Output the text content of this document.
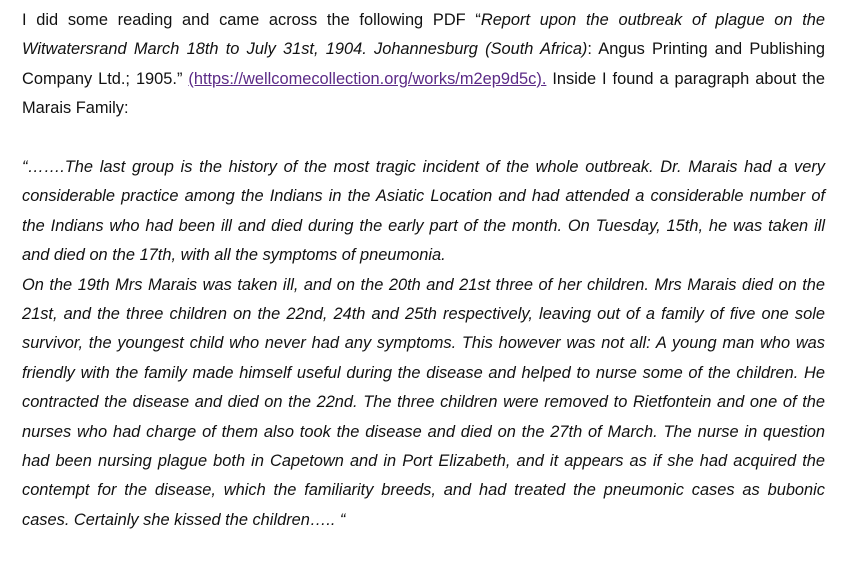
I did some reading and came across the following PDF “Report upon the outbreak of plague on the Witwatersrand March 18th to July 31st, 1904. Johannesburg (South Africa): Angus Printing and Publishing Company Ltd.; 1905.” (https://wellcomecollection.org/works/m2ep9d5c). Inside I found a paragraph about the Marais Family:

“…….The last group is the history of the most tragic incident of the whole outbreak. Dr. Marais had a very considerable practice among the Indians in the Asiatic Location and had attended a considerable number of the Indians who had been ill and died during the early part of the month. On Tuesday, 15th, he was taken ill and died on the 17th, with all the symptoms of pneumonia.

On the 19th Mrs Marais was taken ill, and on the 20th and 21st three of her children. Mrs Marais died on the 21st, and the three children on the 22nd, 24th and 25th respectively, leaving out of a family of five one sole survivor, the youngest child who never had any symptoms. This however was not all: A young man who was friendly with the family made himself useful during the disease and helped to nurse some of the children. He contracted the disease and died on the 22nd. The three children were removed to Rietfontein and one of the nurses who had charge of them also took the disease and died on the 27th of March. The nurse in question had been nursing plague both in Capetown and in Port Elizabeth, and it appears as if she had acquired the contempt for the disease, which the familiarity breeds, and had treated the pneumonic cases as bubonic cases. Certainly she kissed the children….. “
